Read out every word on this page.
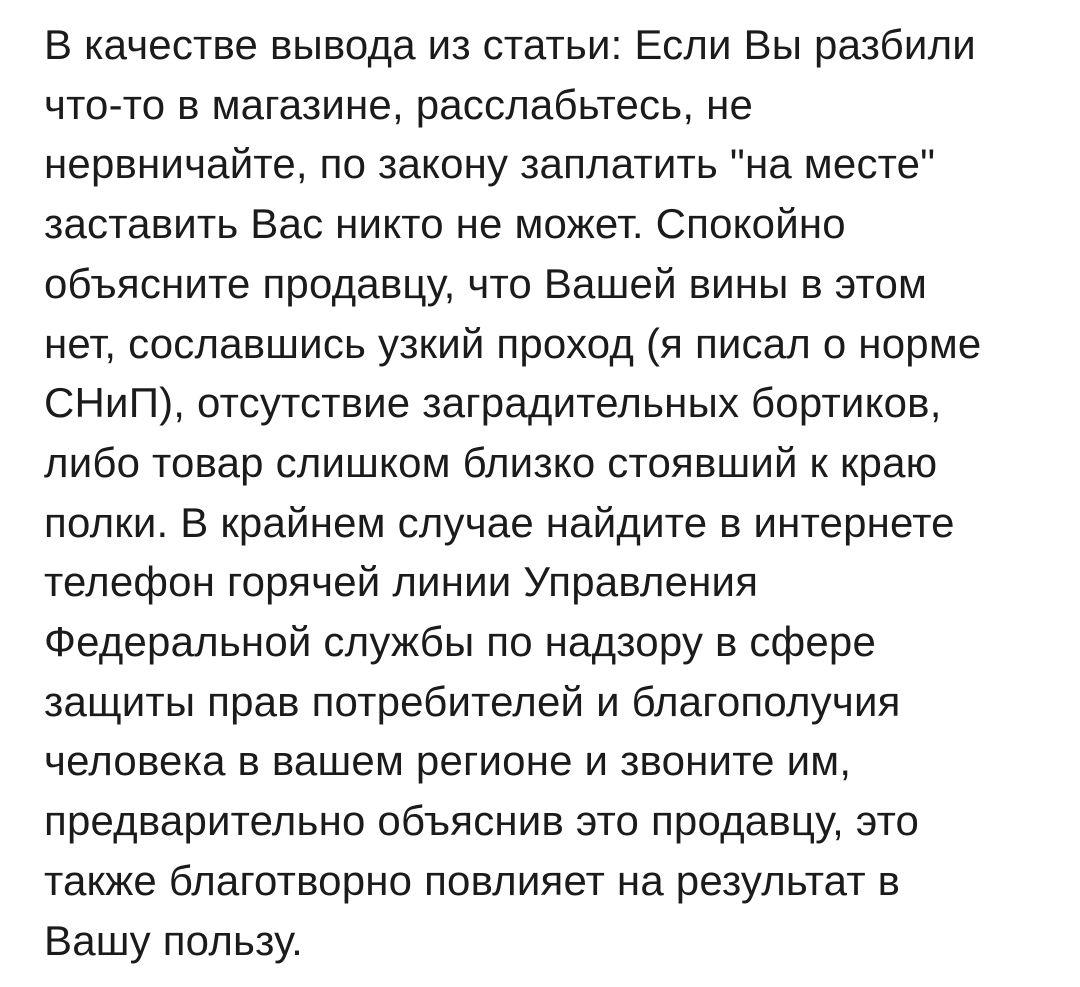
В качестве вывода из статьи: Если Вы разбили
что-то в магазине, расслабьтесь, не
нервничайте, по закону заплатить "на месте"
заставить Вас никто не может. Спокойно
объясните продавцу, что Вашей вины в этом
нет, сославшись узкий проход (я писал о норме
СНиП), отсутствие заградительных бортиков,
либо товар слишком близко стоявший к краю
полки. В крайнем случае найдите в интернете
телефон горячей линии Управления
Федеральной службы по надзору в сфере
защиты прав потребителей и благополучия
человека в вашем регионе и звоните им,
предварительно объяснив это продавцу, это
также благотворно повлияет на результат в
Вашу пользу.
